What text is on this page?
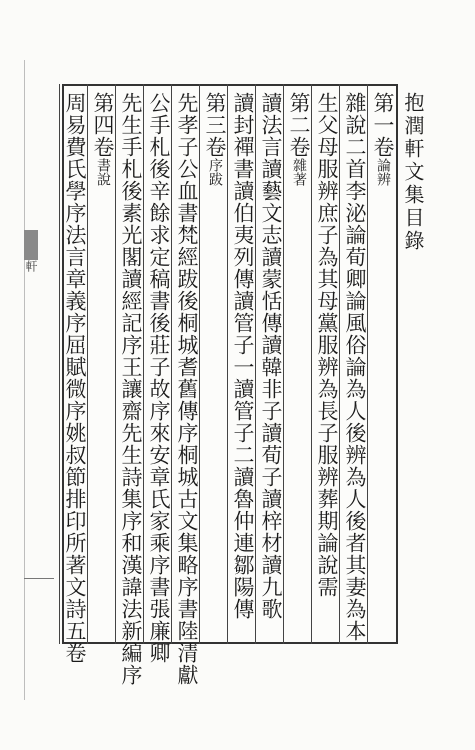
軒
抱潤軒文集目錄
第一卷論辨
雜說二首李泌論荀卿論風俗論為人後辨為人後者其妻為本
生父母服辨庶子為其母黨服辨為長子服辨葬期論說需
第二卷雜著
讀法言讀藝文志讀蒙恬傳讀韓非子讀荀子讀梓材讀九歌
讀封禪書讀伯夷列傳讀管子一讀管子二讀魯仲連鄒陽傳
第三卷序跋
先孝子公血書梵經跋後桐城耆舊傳序桐城古文集略序書陸清獻
公手札後辛餘求定稿書後莊子故序來安章氏家乘序書張廉卿
先生手札後素光閣讀經記序王讓齋先生詩集序和漢諱法新編序
第四卷書說
周易費氏學序法言章義序屈賦微序姚叔節排印所著文詩五卷
